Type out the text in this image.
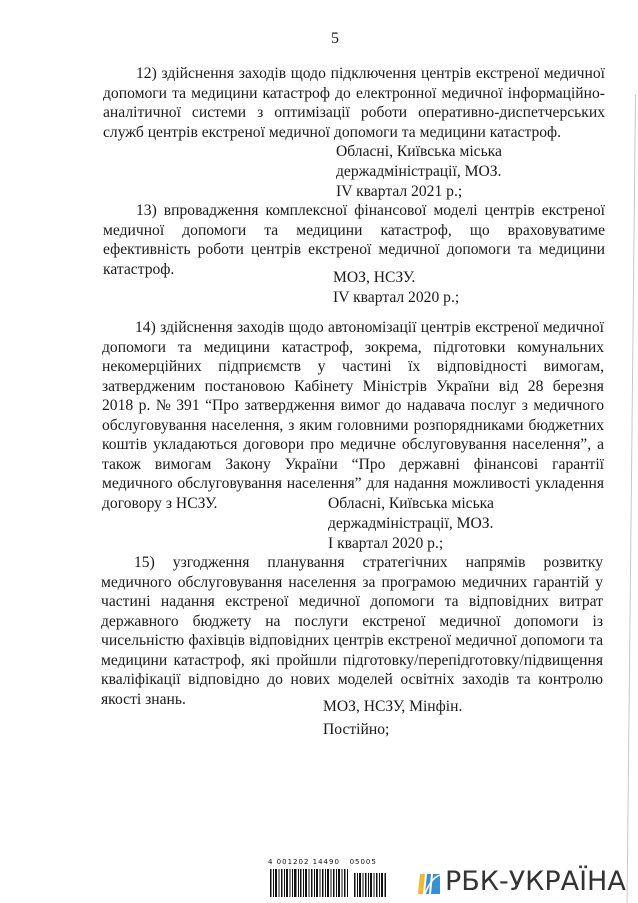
5
12) здійснення заходів щодо підключення центрів екстреної медичної
допомоги та медицини катастроф до електронної медичної інформаційно-
аналітичної системи з оптимізації роботи оперативно-диспетчерських
служб центрів екстреної медичної допомоги та медицини катастроф.
Обласні, Київська міська
держадміністрації, МОЗ.
IV квартал 2021 р.;
13) впровадження комплексної фінансової моделі центрів екстреної
медичної допомоги та медицини катастроф, що враховуватиме
ефективність роботи центрів екстреної медичної допомоги та медицини
катастроф.	МОЗ, НСЗУ.
IV квартал 2020 р.;
14) здійснення заходів щодо автономізації центрів екстреної медичної
допомоги та медицини катастроф, зокрема, підготовки комунальних
некомерційних підприємств у частині їх відповідності вимогам,
затвердженим постановою Кабінету Міністрів України від 28 березня
2018 р. № 391 “Про затвердження вимог до надавача послуг з медичного
обслуговування населення, з яким головними розпорядниками бюджетних
коштів укладаються договори про медичне обслуговування населення”, а
також вимогам Закону України “Про державні фінансові гарантії
медичного обслуговування населення” для надання можливості укладення
договору з НСЗУ.	Обласні, Київська міська
держадміністрації, МОЗ.
I квартал 2020 р.;
15) узгодження планування стратегічних напрямів розвитку
медичного обслуговування населення за програмою медичних гарантій у
частині надання екстреної медичної допомоги та відповідних витрат
державного бюджету на послуги екстреної медичної допомоги із
чисельністю фахівців відповідних центрів екстреної медичної допомоги та
медицини катастроф, які пройшли підготовку/перепідготовку/підвищення
кваліфікації відповідно до нових моделей освітніх заходів та контролю
якості знань.	МОЗ, НСЗУ, Мінфін.
Постійно;
4 001202 14490   05005
РБК-УКРАЇНА
